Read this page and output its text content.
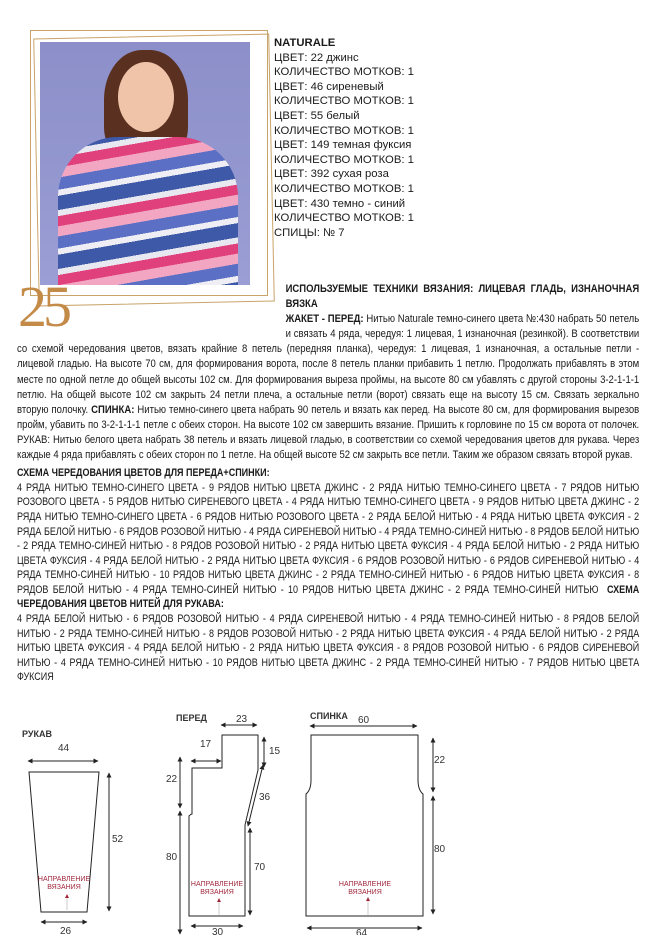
25
NATURALE
ЦВЕТ: 22 джинс
КОЛИЧЕСТВО МОТКОВ: 1
ЦВЕТ: 46 сиреневый
КОЛИЧЕСТВО МОТКОВ: 1
ЦВЕТ: 55 белый
КОЛИЧЕСТВО МОТКОВ: 1
ЦВЕТ: 149 темная фуксия
КОЛИЧЕСТВО МОТКОВ: 1
ЦВЕТ: 392 сухая роза
КОЛИЧЕСТВО МОТКОВ: 1
ЦВЕТ: 430 темно - синий
КОЛИЧЕСТВО МОТКОВ: 1
СПИЦЫ: № 7
ИСПОЛЬЗУЕМЫЕ ТЕХНИКИ ВЯЗАНИЯ: ЛИЦЕВАЯ ГЛАДЬ, ИЗНАНОЧНАЯ ВЯЗКА
ЖАКЕТ - ПЕРЕД: Нитью Naturale темно-синего цвета №:430 набрать 50 петель и связать 4 ряда, чередуя: 1 лицевая, 1 изнаночная (резинкой). В соответствии со схемой чередования цветов, вязать крайние 8 петель (передняя планка), чередуя: 1 лицевая, 1 изнаночная, а остальные петли - лицевой гладью. На высоте 70 см, для формирования ворота, после 8 петель планки прибавить 1 петлю. Продолжать прибавлять в этом месте по одной петле до общей высоты 102 см. Для формирования выреза проймы, на высоте 80 см убавлять с другой стороны 3-2-1-1-1 петлю. На общей высоте 102 см закрыть 24 петли плеча, а остальные петли (ворот) связать еще на высоту 15 см. Связать зеркально вторую полочку. СПИНКА: Нитью темно-синего цвета набрать 90 петель и вязать как перед. На высоте 80 см, для формирования вырезов пройм, убавить по 3-2-1-1-1 петле с обеих сторон. На высоте 102 см завершить вязание. Пришить к горловине по 15 см ворота от полочек. РУКАВ: Нитью белого цвета набрать 38 петель и вязать лицевой гладью, в соответствии со схемой чередования цветов для рукава. Через каждые 4 ряда прибавлять с обеих сторон по 1 петле. На общей высоте 52 см закрыть все петли. Таким же образом связать второй рукав.
СХЕМА ЧЕРЕДОВАНИЯ ЦВЕТОВ ДЛЯ ПЕРЕДА+СПИНКИ:
4 РЯДА НИТЬЮ ТЕМНО-СИНЕГО ЦВЕТА - 9 РЯДОВ НИТЬЮ ЦВЕТА ДЖИНС - 2 РЯДА НИТЬЮ ТЕМНО-СИНЕГО ЦВЕТА - 7 РЯДОВ НИТЬЮ РОЗОВОГО ЦВЕТА - 5 РЯДОВ НИТЬЮ СИРЕНЕВОГО ЦВЕТА - 4 РЯДА НИТЬЮ ТЕМНО-СИНЕГО ЦВЕТА - 9 РЯДОВ НИТЬЮ ЦВЕТА ДЖИНС - 2 РЯДА НИТЬЮ ТЕМНО-СИНЕГО ЦВЕТА - 6 РЯДОВ НИТЬЮ РОЗОВОГО ЦВЕТА - 2 РЯДА БЕЛОЙ НИТЬЮ - 4 РЯДА НИТЬЮ ЦВЕТА ФУКСИЯ - 2 РЯДА БЕЛОЙ НИТЬЮ - 6 РЯДОВ РОЗОВОЙ НИТЬЮ - 4 РЯДА СИРЕНЕВОЙ НИТЬЮ - 4 РЯДА ТЕМНО-СИНЕЙ НИТЬЮ - 8 РЯДОВ БЕЛОЙ НИТЬЮ - 2 РЯДА ТЕМНО-СИНЕЙ НИТЬЮ - 8 РЯДОВ РОЗОВОЙ НИТЬЮ - 2 РЯДА НИТЬЮ ЦВЕТА ФУКСИЯ - 4 РЯДА БЕЛОЙ НИТЬЮ - 2 РЯДА НИТЬЮ ЦВЕТА ФУКСИЯ - 4 РЯДА БЕЛОЙ НИТЬЮ - 2 РЯДА НИТЬЮ ЦВЕТА ФУКСИЯ - 6 РЯДОВ РОЗОВОЙ НИТЬЮ - 6 РЯДОВ СИРЕНЕВОЙ НИТЬЮ - 4 РЯДА ТЕМНО-СИНЕЙ НИТЬЮ - 10 РЯДОВ НИТЬЮ ЦВЕТА ДЖИНС - 2 РЯДА ТЕМНО-СИНЕЙ НИТЬЮ - 6 РЯДОВ НИТЬЮ ЦВЕТА ФУКСИЯ - 8 РЯДОВ БЕЛОЙ НИТЬЮ - 4 РЯДА ТЕМНО-СИНЕЙ НИТЬЮ - 10 РЯДОВ НИТЬЮ ЦВЕТА ДЖИНС - 2 РЯДА ТЕМНО-СИНЕЙ НИТЬЮ СХЕМА ЧЕРЕДОВАНИЯ ЦВЕТОВ НИТЕЙ ДЛЯ РУКАВА:
4 РЯДА БЕЛОЙ НИТЬЮ - 6 РЯДОВ РОЗОВОЙ НИТЬЮ - 4 РЯДА СИРЕНЕВОЙ НИТЬЮ - 4 РЯДА ТЕМНО-СИНЕЙ НИТЬЮ - 8 РЯДОВ БЕЛОЙ НИТЬЮ - 2 РЯДА ТЕМНО-СИНЕЙ НИТЬЮ - 8 РЯДОВ РОЗОВОЙ НИТЬЮ - 2 РЯДА НИТЬЮ ЦВЕТА ФУКСИЯ - 4 РЯДА БЕЛОЙ НИТЬЮ - 2 РЯДА НИТЬЮ ЦВЕТА ФУКСИЯ - 4 РЯДА БЕЛОЙ НИТЬЮ - 2 РЯДА НИТЬЮ ЦВЕТА ФУКСИЯ - 8 РЯДОВ РОЗОВОЙ НИТЬЮ - 6 РЯДОВ СИРЕНЕВОЙ НИТЬЮ - 4 РЯДА ТЕМНО-СИНЕЙ НИТЬЮ - 10 РЯДОВ НИТЬЮ ЦВЕТА ДЖИНС - 2 РЯДА ТЕМНО-СИНЕЙ НИТЬЮ - 7 РЯДОВ НИТЬЮ ЦВЕТА ФУКСИЯ
РУКАВ
44
52
26
ПЕРЕД	23
17
15
22
36
80
70
30
СПИНКА 60
22
80
64
НАПРАВЛЕНИЕ
ВЯЗАНИЯ	НАПРАВЛЕНИЕ
ВЯЗАНИЯ
НАПРАВЛЕНИЕ
ВЯЗАНИЯ
